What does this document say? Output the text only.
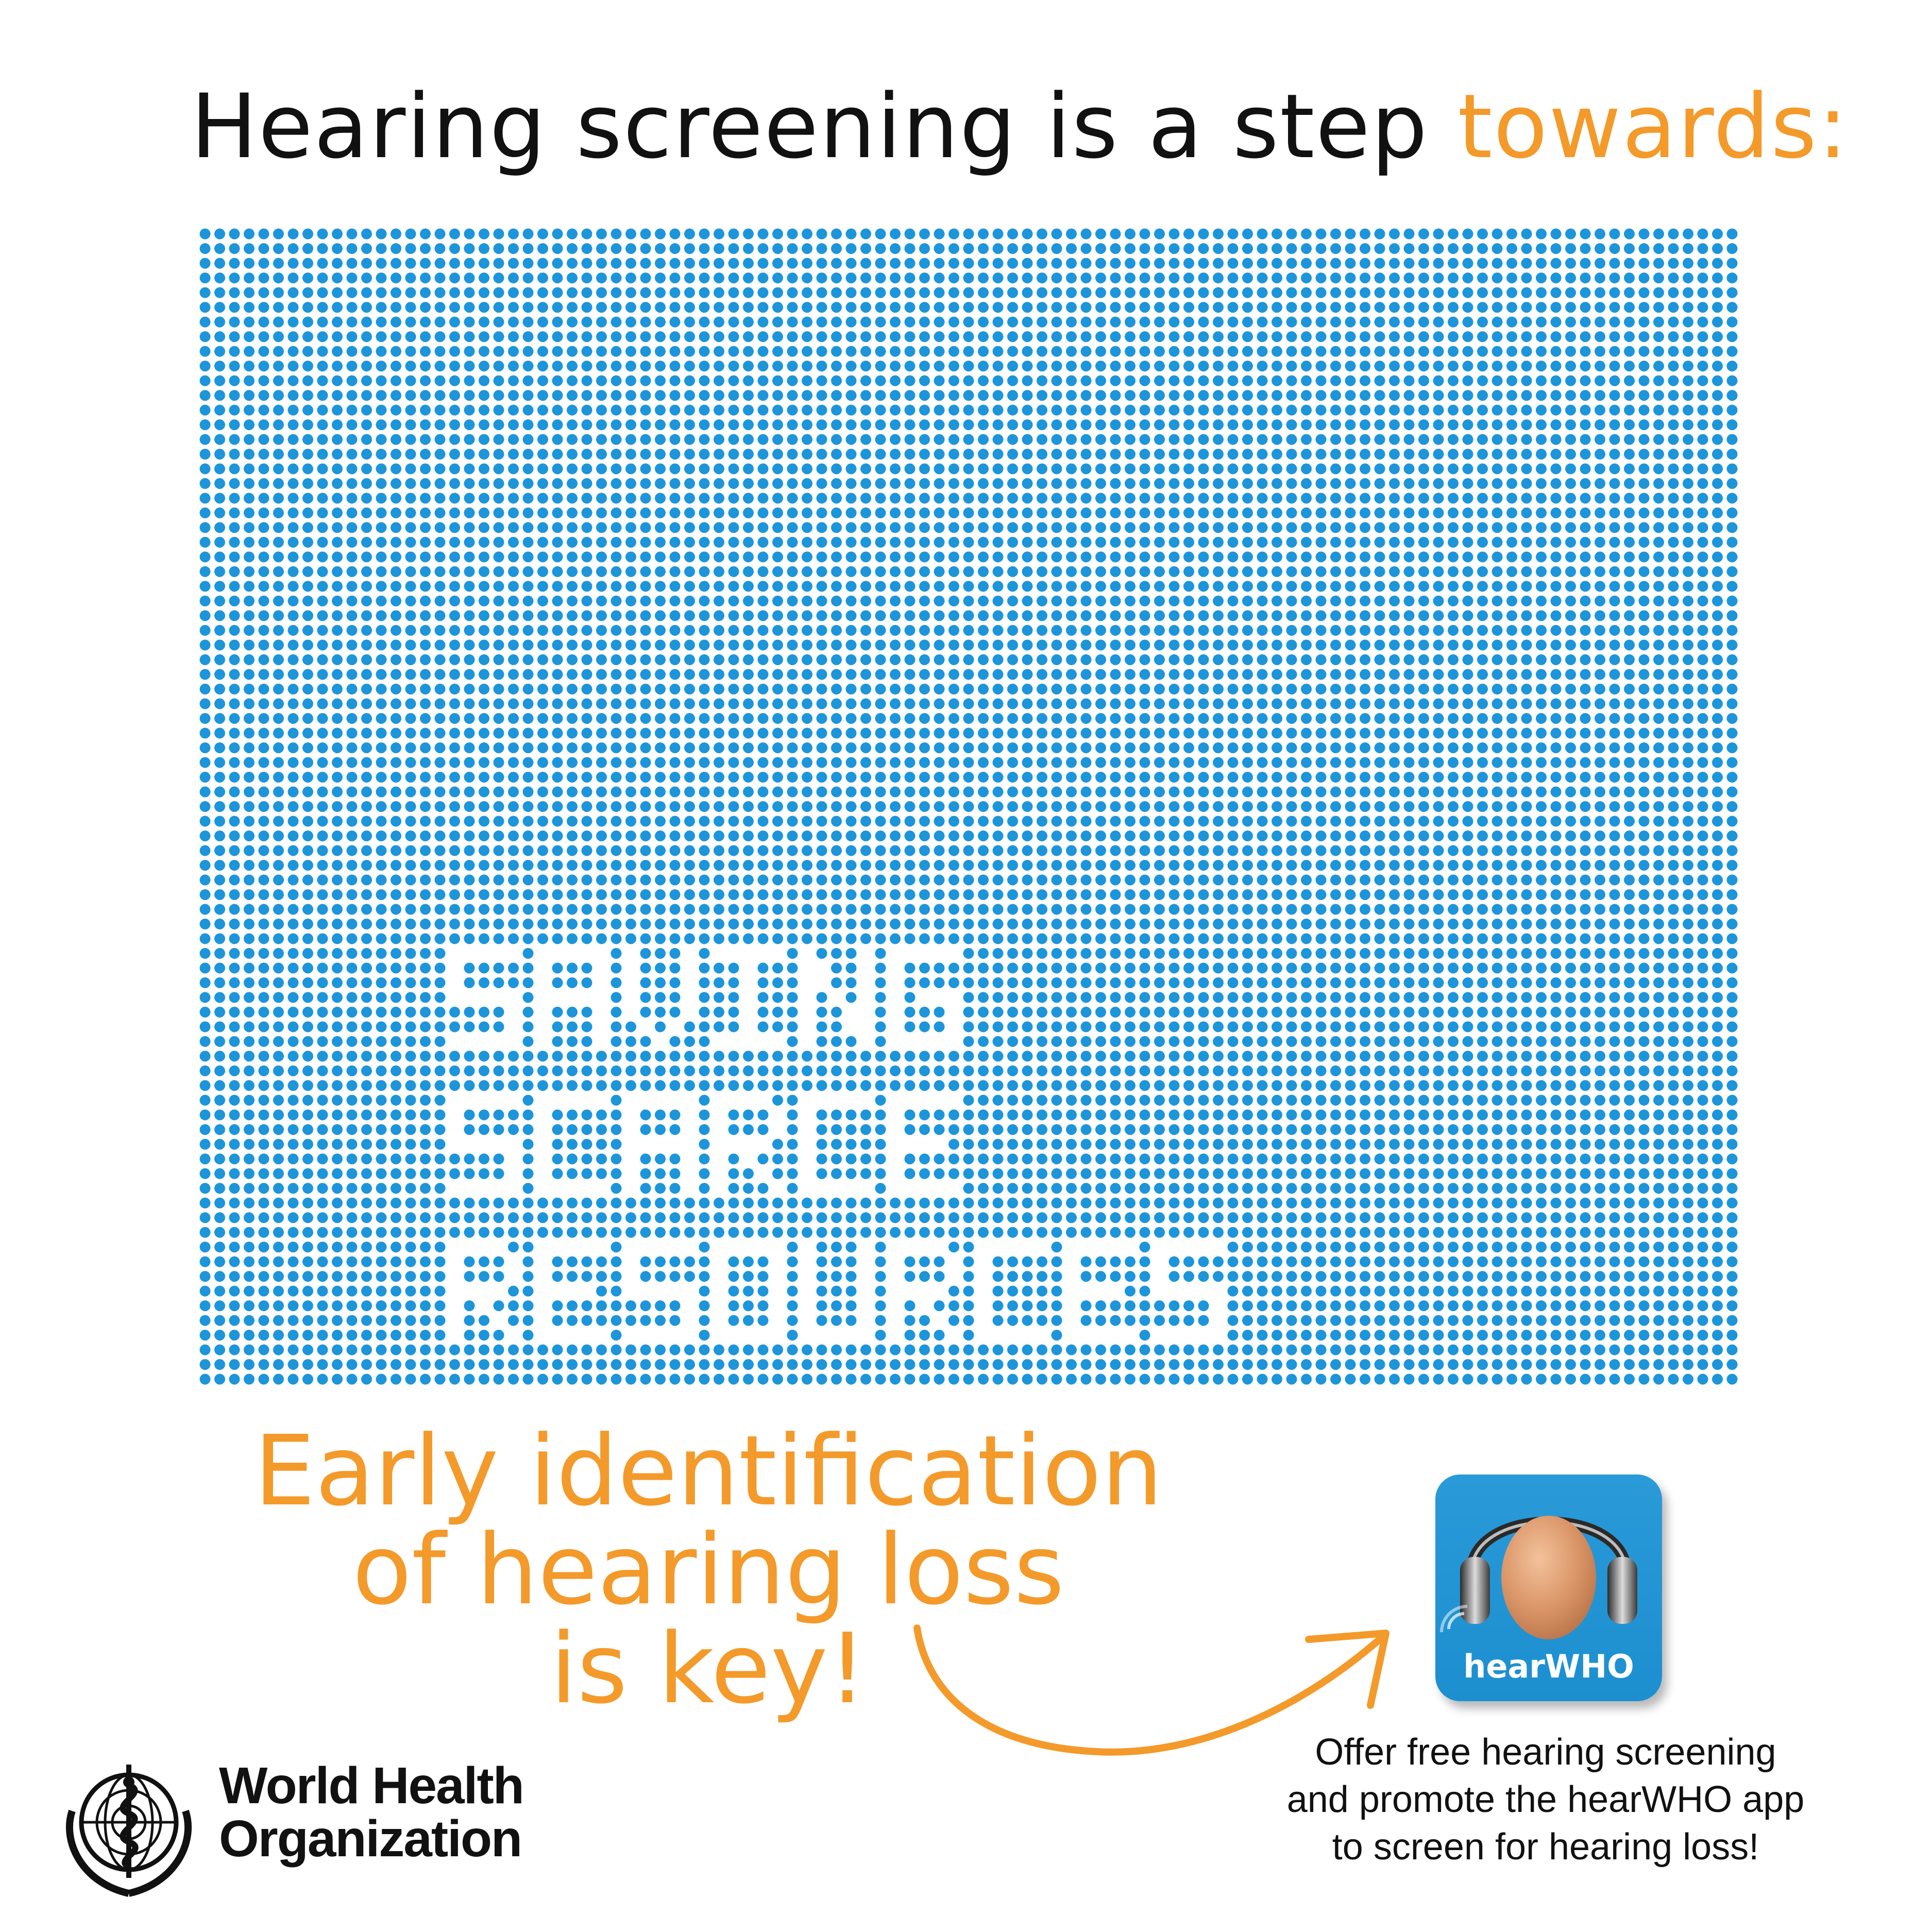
Hearing screening is a step towards:
Early identification
of hearing loss
is key!	hearWHO
Offer free hearing screening
and promote the hearWHO app
to screen for hearing loss!
World Health
Organization
